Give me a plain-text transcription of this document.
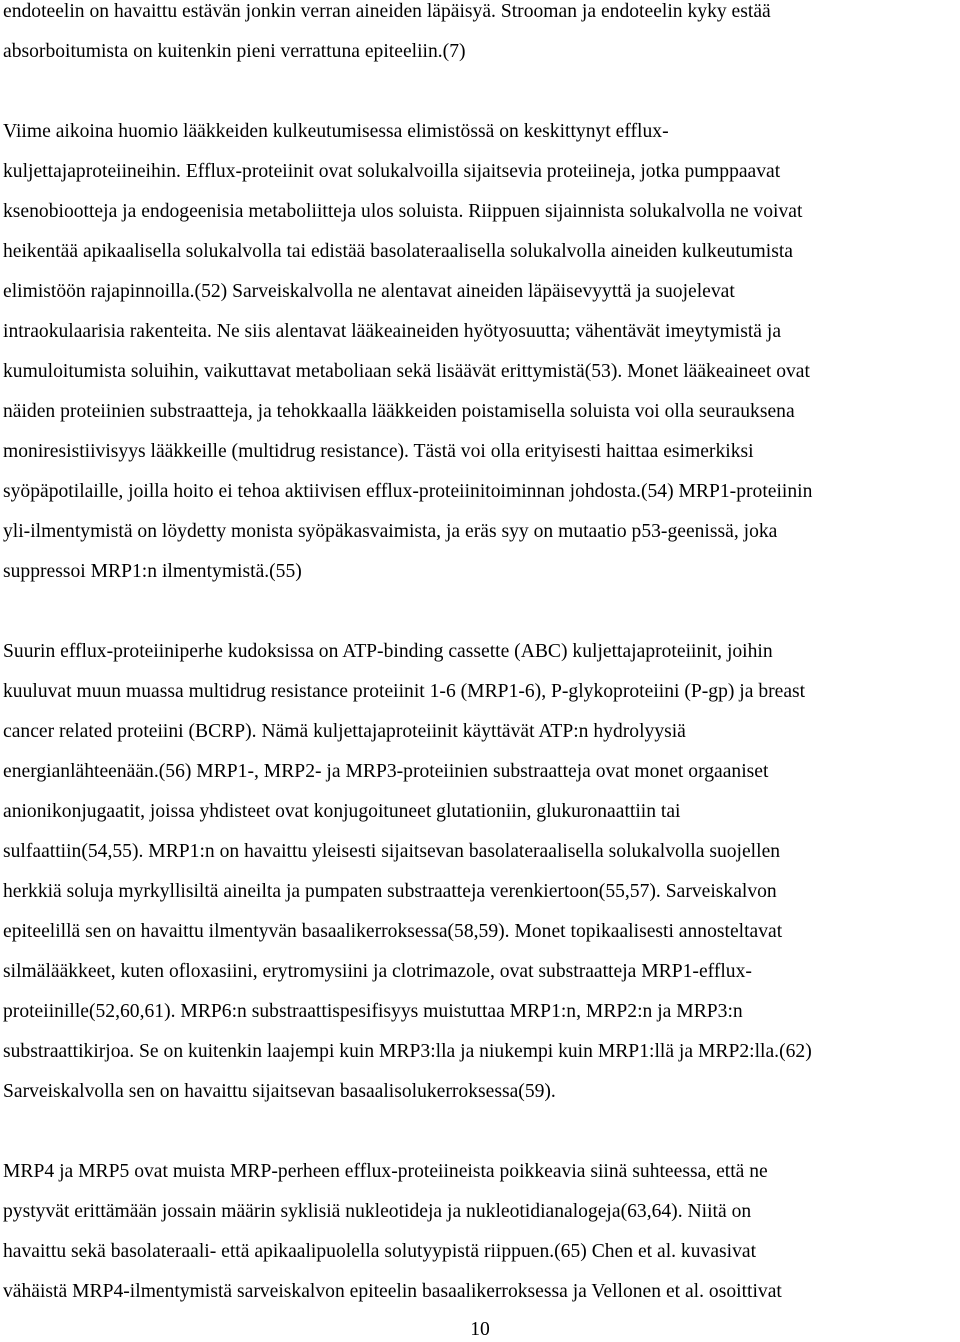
endoteelin on havaittu estävän jonkin verran aineiden läpäisyä. Strooman ja endoteelin kyky estää
absorboitumista on kuitenkin pieni verrattuna epiteeliin.(7)
Viime aikoina huomio lääkkeiden kulkeutumisessa elimistössä on keskittynyt efflux-
kuljettajaproteiineihin. Efflux-proteiinit ovat solukalvoilla sijaitsevia proteiineja, jotka pumppaavat
ksenobiootteja ja endogeenisia metaboliitteja ulos soluista. Riippuen sijainnista solukalvolla ne voivat
heikentää apikaalisella solukalvolla tai edistää basolateraalisella solukalvolla aineiden kulkeutumista
elimistöön rajapinnoilla.(52) Sarveiskalvolla ne alentavat aineiden läpäisevyyttä ja suojelevat
intraokulaarisia rakenteita. Ne siis alentavat lääkeaineiden hyötyosuutta; vähentävät imeytymistä ja
kumuloitumista soluihin, vaikuttavat metaboliaan sekä lisäävät erittymistä(53). Monet lääkeaineet ovat
näiden proteiinien substraatteja, ja tehokkaalla lääkkeiden poistamisella soluista voi olla seurauksena
moniresistiivisyys lääkkeille (multidrug resistance). Tästä voi olla erityisesti haittaa esimerkiksi
syöpäpotilaille, joilla hoito ei tehoa aktiivisen efflux-proteiinitoiminnan johdosta.(54) MRP1-proteiinin
yli-ilmentymistä on löydetty monista syöpäkasvaimista, ja eräs syy on mutaatio p53-geenissä, joka
suppressoi MRP1:n ilmentymistä.(55)
Suurin efflux-proteiiniperhe kudoksissa on ATP-binding cassette (ABC) kuljettajaproteiinit, joihin
kuuluvat muun muassa multidrug resistance proteiinit 1-6 (MRP1-6), P-glykoproteiini (P-gp) ja breast
cancer related proteiini (BCRP). Nämä kuljettajaproteiinit käyttävät ATP:n hydrolyysiä
energianlähteenään.(56) MRP1-, MRP2- ja MRP3-proteiinien substraatteja ovat monet orgaaniset
anionikonjugaatit, joissa yhdisteet ovat konjugoituneet glutationiin, glukuronaattiin tai
sulfaattiin(54,55). MRP1:n on havaittu yleisesti sijaitsevan basolateraalisella solukalvolla suojellen
herkkiä soluja myrkyllisiltä aineilta ja pumpaten substraatteja verenkiertoon(55,57). Sarveiskalvon
epiteelillä sen on havaittu ilmentyvän basaalikerroksessa(58,59). Monet topikaalisesti annosteltavat
silmälääkkeet, kuten ofloxasiini, erytromysiini ja clotrimazole, ovat substraatteja MRP1-efflux-
proteiinille(52,60,61). MRP6:n substraattispesifisyys muistuttaa MRP1:n, MRP2:n ja MRP3:n
substraattikirjoa. Se on kuitenkin laajempi kuin MRP3:lla ja niukempi kuin MRP1:llä ja MRP2:lla.(62)
Sarveiskalvolla sen on havaittu sijaitsevan basaalisolukerroksessa(59).
MRP4 ja MRP5 ovat muista MRP-perheen efflux-proteiineista poikkeavia siinä suhteessa, että ne
pystyvät erittämään jossain määrin syklisiä nukleotideja ja nukleotidianalogeja(63,64). Niitä on
havaittu sekä basolateraali- että apikaalipuolella solutyypistä riippuen.(65) Chen et al. kuvasivat
vähäistä MRP4-ilmentymistä sarveiskalvon epiteelin basaalikerroksessa ja Vellonen et al. osoittivat
10
